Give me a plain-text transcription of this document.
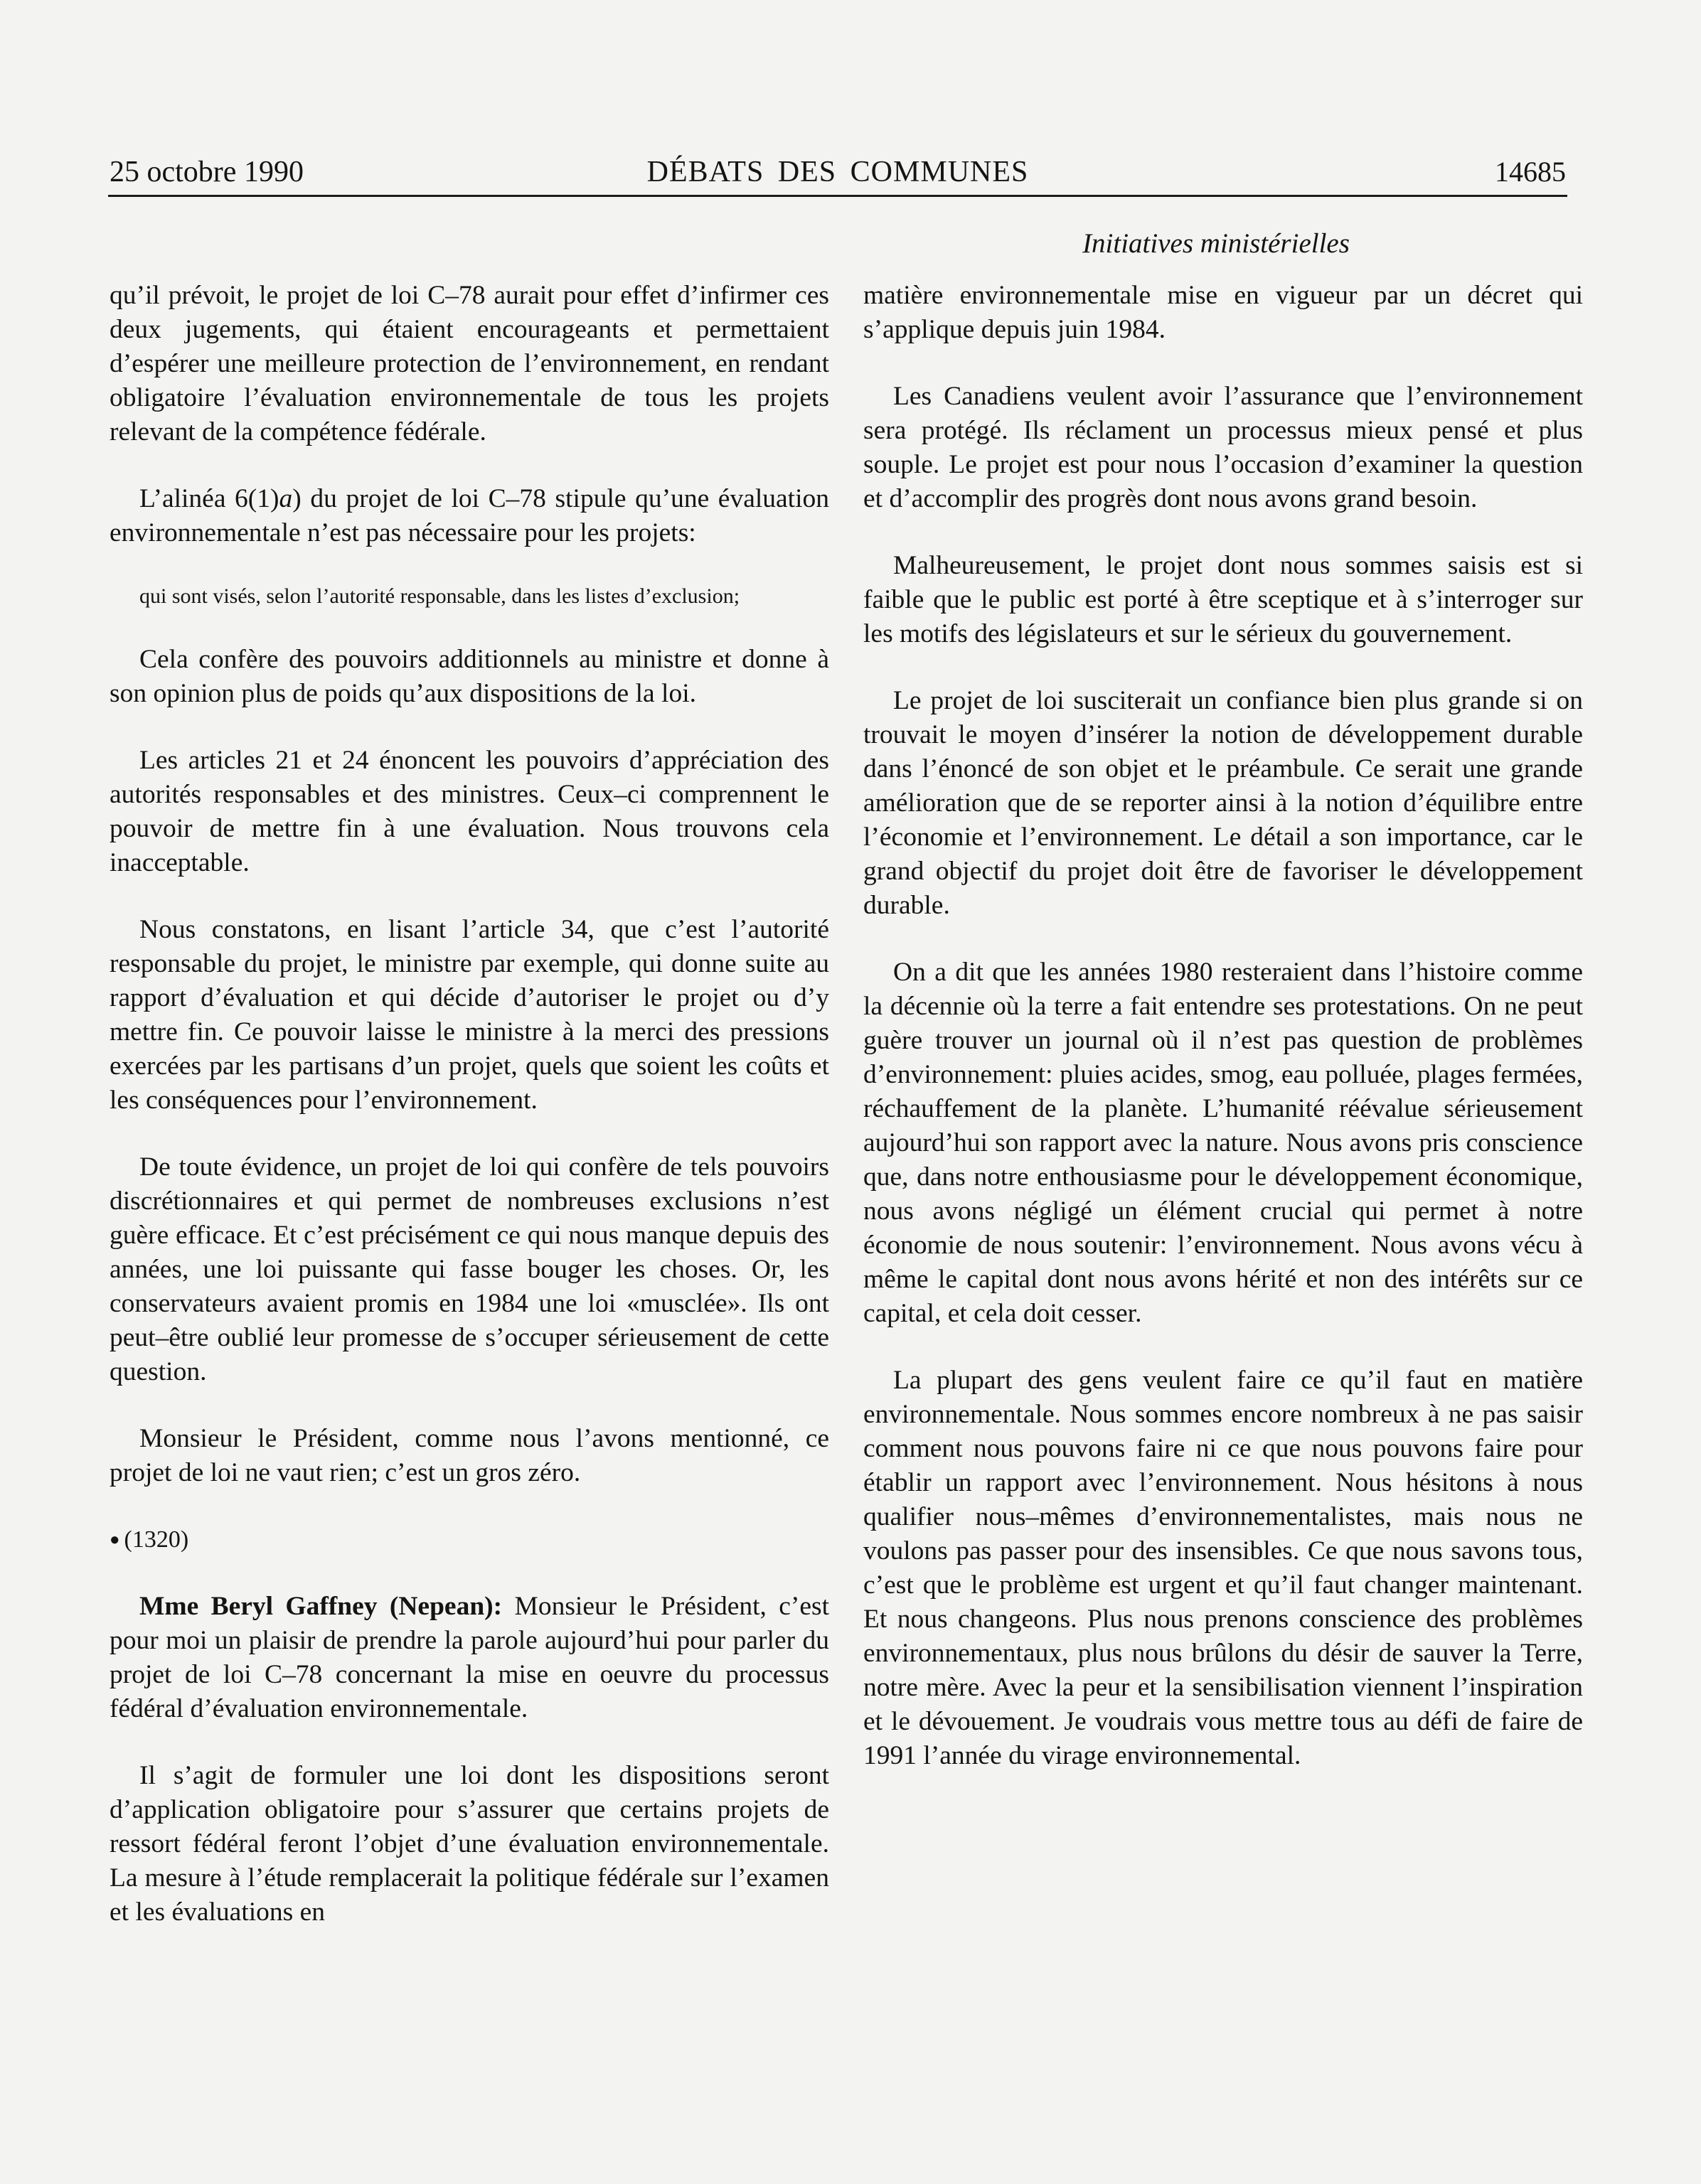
25 octobre 1990	DÉBATS DES COMMUNES	14685
Initiatives ministérielles

qu’il prévoit, le projet de loi C–78 aurait pour effet d’infirmer ces deux jugements, qui étaient encourageants et permettaient d’espérer une meilleure protection de l’environnement, en rendant obligatoire l’évaluation environnementale de tous les projets relevant de la compétence fédérale.

L’alinéa 6(1)a) du projet de loi C–78 stipule qu’une évaluation environnementale n’est pas nécessaire pour les projets:

qui sont visés, selon l’autorité responsable, dans les listes d’exclusion;

Cela confère des pouvoirs additionnels au ministre et donne à son opinion plus de poids qu’aux dispositions de la loi.

Les articles 21 et 24 énoncent les pouvoirs d’appréciation des autorités responsables et des ministres. Ceux–ci comprennent le pouvoir de mettre fin à une évaluation. Nous trouvons cela inacceptable.

Nous constatons, en lisant l’article 34, que c’est l’autorité responsable du projet, le ministre par exemple, qui donne suite au rapport d’évaluation et qui décide d’autoriser le projet ou d’y mettre fin. Ce pouvoir laisse le ministre à la merci des pressions exercées par les partisans d’un projet, quels que soient les coûts et les conséquences pour l’environnement.

De toute évidence, un projet de loi qui confère de tels pouvoirs discrétionnaires et qui permet de nombreuses exclusions n’est guère efficace. Et c’est précisément ce qui nous manque depuis des années, une loi puissante qui fasse bouger les choses. Or, les conservateurs avaient promis en 1984 une loi «musclée». Ils ont peut–être oublié leur promesse de s’occuper sérieusement de cette question.

Monsieur le Président, comme nous l’avons mentionné, ce projet de loi ne vaut rien; c’est un gros zéro.

● (1320)

Mme Beryl Gaffney (Nepean): Monsieur le Président, c’est pour moi un plaisir de prendre la parole aujourd’hui pour parler du projet de loi C–78 concernant la mise en oeuvre du processus fédéral d’évaluation environnementale.

Il s’agit de formuler une loi dont les dispositions seront d’application obligatoire pour s’assurer que certains projets de ressort fédéral feront l’objet d’une évaluation environnementale. La mesure à l’étude remplacerait la politique fédérale sur l’examen et les évaluations en

matière environnementale mise en vigueur par un décret qui s’applique depuis juin 1984.

Les Canadiens veulent avoir l’assurance que l’environnement sera protégé. Ils réclament un processus mieux pensé et plus souple. Le projet est pour nous l’occasion d’examiner la question et d’accomplir des progrès dont nous avons grand besoin.

Malheureusement, le projet dont nous sommes saisis est si faible que le public est porté à être sceptique et à s’interroger sur les motifs des législateurs et sur le sérieux du gouvernement.

Le projet de loi susciterait un confiance bien plus grande si on trouvait le moyen d’insérer la notion de développement durable dans l’énoncé de son objet et le préambule. Ce serait une grande amélioration que de se reporter ainsi à la notion d’équilibre entre l’économie et l’environnement. Le détail a son importance, car le grand objectif du projet doit être de favoriser le développement durable.

On a dit que les années 1980 resteraient dans l’histoire comme la décennie où la terre a fait entendre ses protestations. On ne peut guère trouver un journal où il n’est pas question de problèmes d’environnement: pluies acides, smog, eau polluée, plages fermées, réchauffement de la planète. L’humanité réévalue sérieusement aujourd’hui son rapport avec la nature. Nous avons pris conscience que, dans notre enthousiasme pour le développement économique, nous avons négligé un élément crucial qui permet à notre économie de nous soutenir: l’environnement. Nous avons vécu à même le capital dont nous avons hérité et non des intérêts sur ce capital, et cela doit cesser.

La plupart des gens veulent faire ce qu’il faut en matière environnementale. Nous sommes encore nombreux à ne pas saisir comment nous pouvons faire ni ce que nous pouvons faire pour établir un rapport avec l’environnement. Nous hésitons à nous qualifier nous–mêmes d’environnementalistes, mais nous ne voulons pas passer pour des insensibles. Ce que nous savons tous, c’est que le problème est urgent et qu’il faut changer maintenant. Et nous changeons. Plus nous prenons conscience des problèmes environnementaux, plus nous brûlons du désir de sauver la Terre, notre mère. Avec la peur et la sensibilisation viennent l’inspiration et le dévouement. Je voudrais vous mettre tous au défi de faire de 1991 l’année du virage environnemental.
